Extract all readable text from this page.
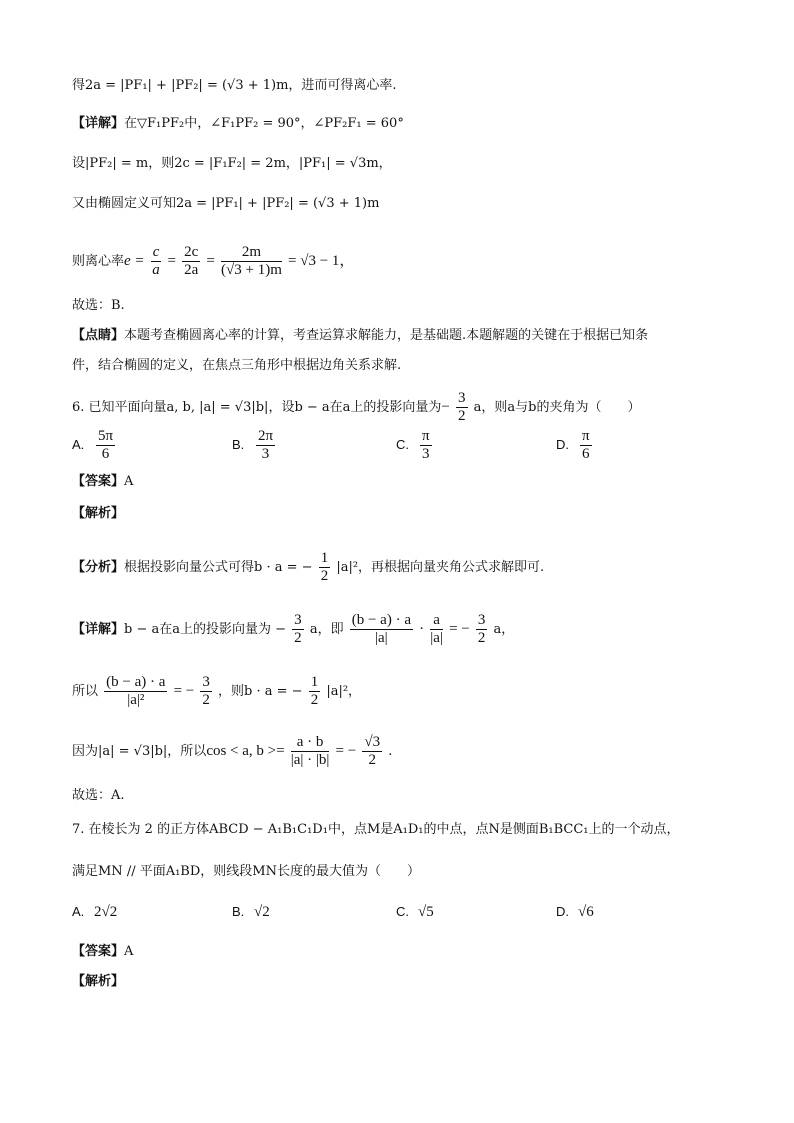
得2a = |PF₁| + |PF₂| = (√3 + 1)m，进而可得离心率.
【详解】在▽F₁PF₂中，∠F₁PF₂ = 90°，∠PF₂F₁ = 60°
设|PF₂| = m，则2c = |F₁F₂| = 2m，|PF₁| = √3m，
又由椭圆定义可知2a = |PF₁| + |PF₂| = (√3 + 1)m
则离心率$e = \frac{c}{a} = \frac{2c}{2a} = \frac{2m}{(√3 + 1)m} = √3 - 1$，
故选：B.
【点睛】本题考查椭圆离心率的计算，考查运算求解能力，是基础题.本题解题的关键在于根据已知条
件，结合椭圆的定义，在焦点三角形中根据边角关系求解.
6. 已知平面向量a, b, |a| = √3|b|，设b − a在a上的投影向量为− $\frac{3}{2}$ a，则a与b的夹角为（　　）
A. $\frac{5\pi}{6}$	B. $\frac{2\pi}{3}$	C. $\frac{\pi}{3}$	D. $\frac{\pi}{6}$
【答案】A
【解析】
【分析】根据投影向量公式可得b · a = − $\frac{1}{2} |a|^2$，再根据向量夹角公式求解即可.
【详解】b − a在a上的投影向量为 − $\frac{3}{2}$ a，即 $\frac{(b - a) \cdot a}{|a|} \cdot \frac{a}{|a|}$ = − $\frac{3}{2}$ a，
所以 $\frac{(b - a) \cdot a}{\text{|a|²}}$ = − $\frac{3}{2}$ ，则b · a = − $\frac{1}{2} |a|^2$，
因为|a| = √3|b|，所以cos < a, $b >= \frac{a \cdot b}{|a| \cdot |b|}$ = − $\frac{√3}{2}$ .
故选：A.
7. 在棱长为 2 的正方体ABCD − A₁B₁C₁D₁中，点M是A₁D₁的中点，点N是侧面B₁BCC₁上的一个动点，
满足MN // 平面A₁BD，则线段MN长度的最大值为（　　）
A. 2√2	B. √2	C. √5	D. √6
【答案】A
【解析】
